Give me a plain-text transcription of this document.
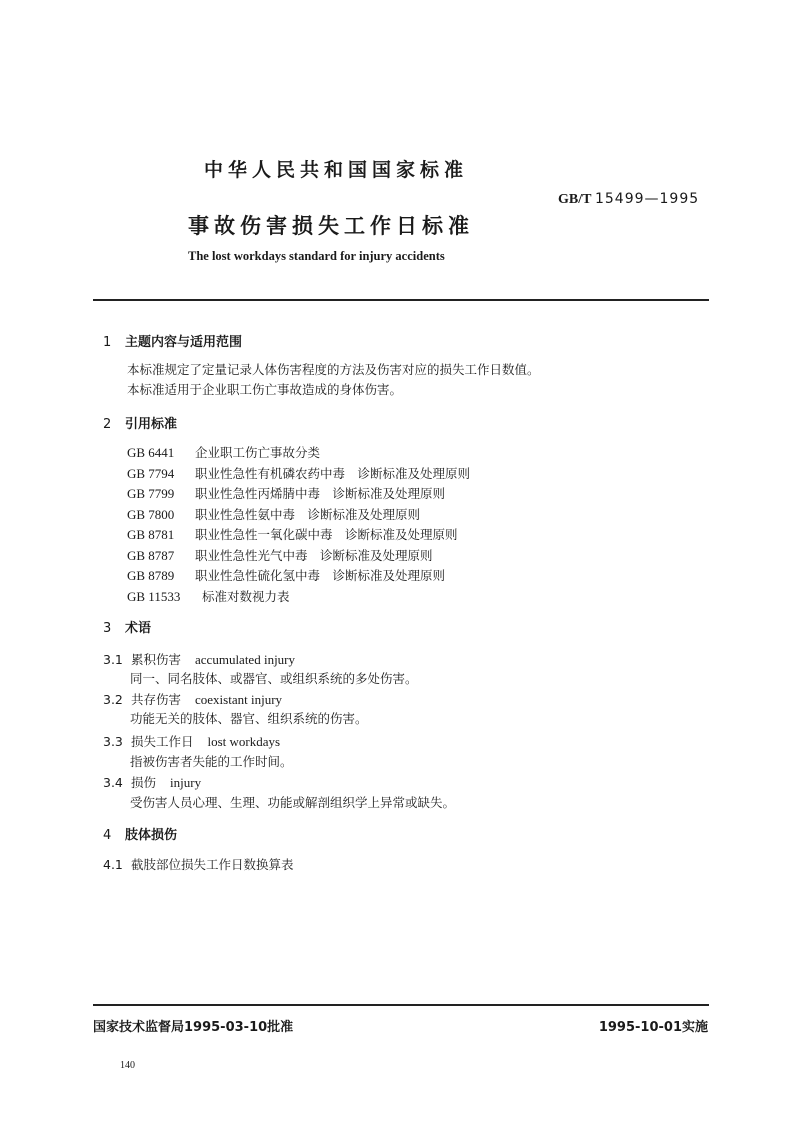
中华人民共和国国家标准
GB/T 15499—1995
事故伤害损失工作日标准
The lost workdays standard for injury accidents
1 主题内容与适用范围
本标准规定了定量记录人体伤害程度的方法及伤害对应的损失工作日数值。
本标准适用于企业职工伤亡事故造成的身体伤害。
2 引用标准
GB 6441 企业职工伤亡事故分类
GB 7794 职业性急性有机磷农药中毒　诊断标准及处理原则
GB 7799 职业性急性丙烯腈中毒　诊断标准及处理原则
GB 7800 职业性急性氨中毒　诊断标准及处理原则
GB 8781 职业性急性一氧化碳中毒　诊断标准及处理原则
GB 8787 职业性急性光气中毒　诊断标准及处理原则
GB 8789 职业性急性硫化氢中毒　诊断标准及处理原则
GB 11533 标准对数视力表
3 术语
3.1 累积伤害 accumulated injury
同一、同名肢体、或器官、或组织系统的多处伤害。
3.2 共存伤害 coexistant injury
功能无关的肢体、器官、组织系统的伤害。
3.3 损失工作日 lost workdays
指被伤害者失能的工作时间。
3.4 损伤 injury
受伤害人员心理、生理、功能或解剖组织学上异常或缺失。
4 肢体损伤
4.1 截肢部位损失工作日数换算表
国家技术监督局1995-03-10批准	1995-10-01实施
140
